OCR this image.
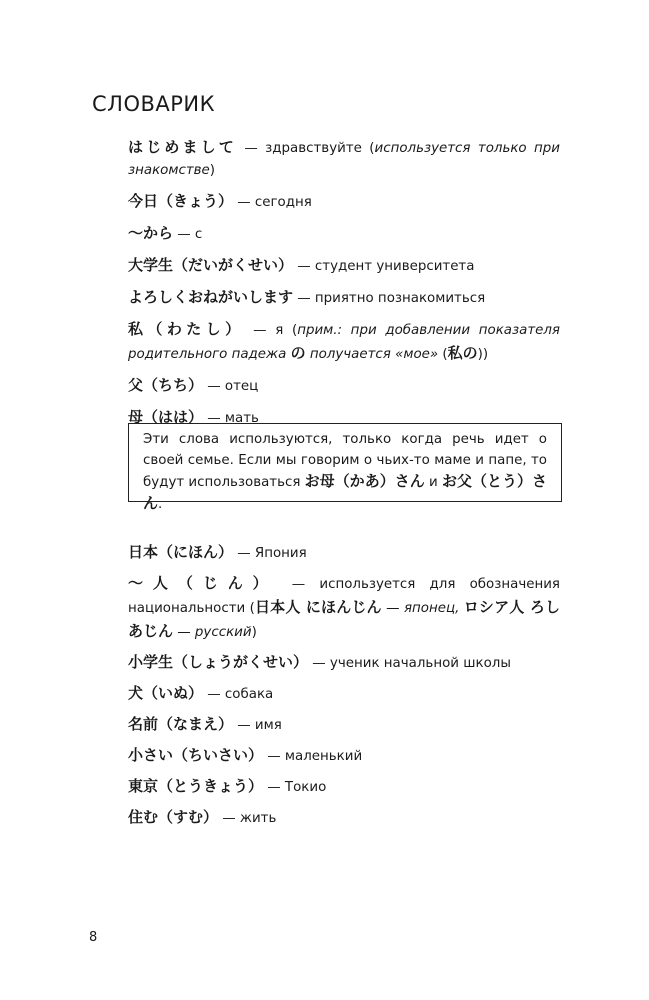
СЛОВАРИК
はじめまして — здравствуйте (используется только при знакомстве)
今日（きょう） — сегодня
～から — с
大学生（だいがくせい） — студент университета
よろしくおねがいします — приятно познакомиться
私（わたし） — я (прим.: при добавлении показателя родительного падежа の получается «мое» (私の))
父（ちち） — отец
母（はは） — мать
Эти слова используются, только когда речь идет о своей семье. Если мы говорим о чьих-то маме и папе, то будут использоваться お母（かあ）さん и お父（とう）さん.
日本（にほん） — Япония
～人（じん） — используется для обозначения национальности (日本人 にほんじん — японец, ロシア人 ろしあじん — русский)
小学生（しょうがくせい） — ученик начальной школы
犬（いぬ） — собака
名前（なまえ） — имя
小さい（ちいさい） — маленький
東京（とうきょう） — Токио
住む（すむ） — жить
8
